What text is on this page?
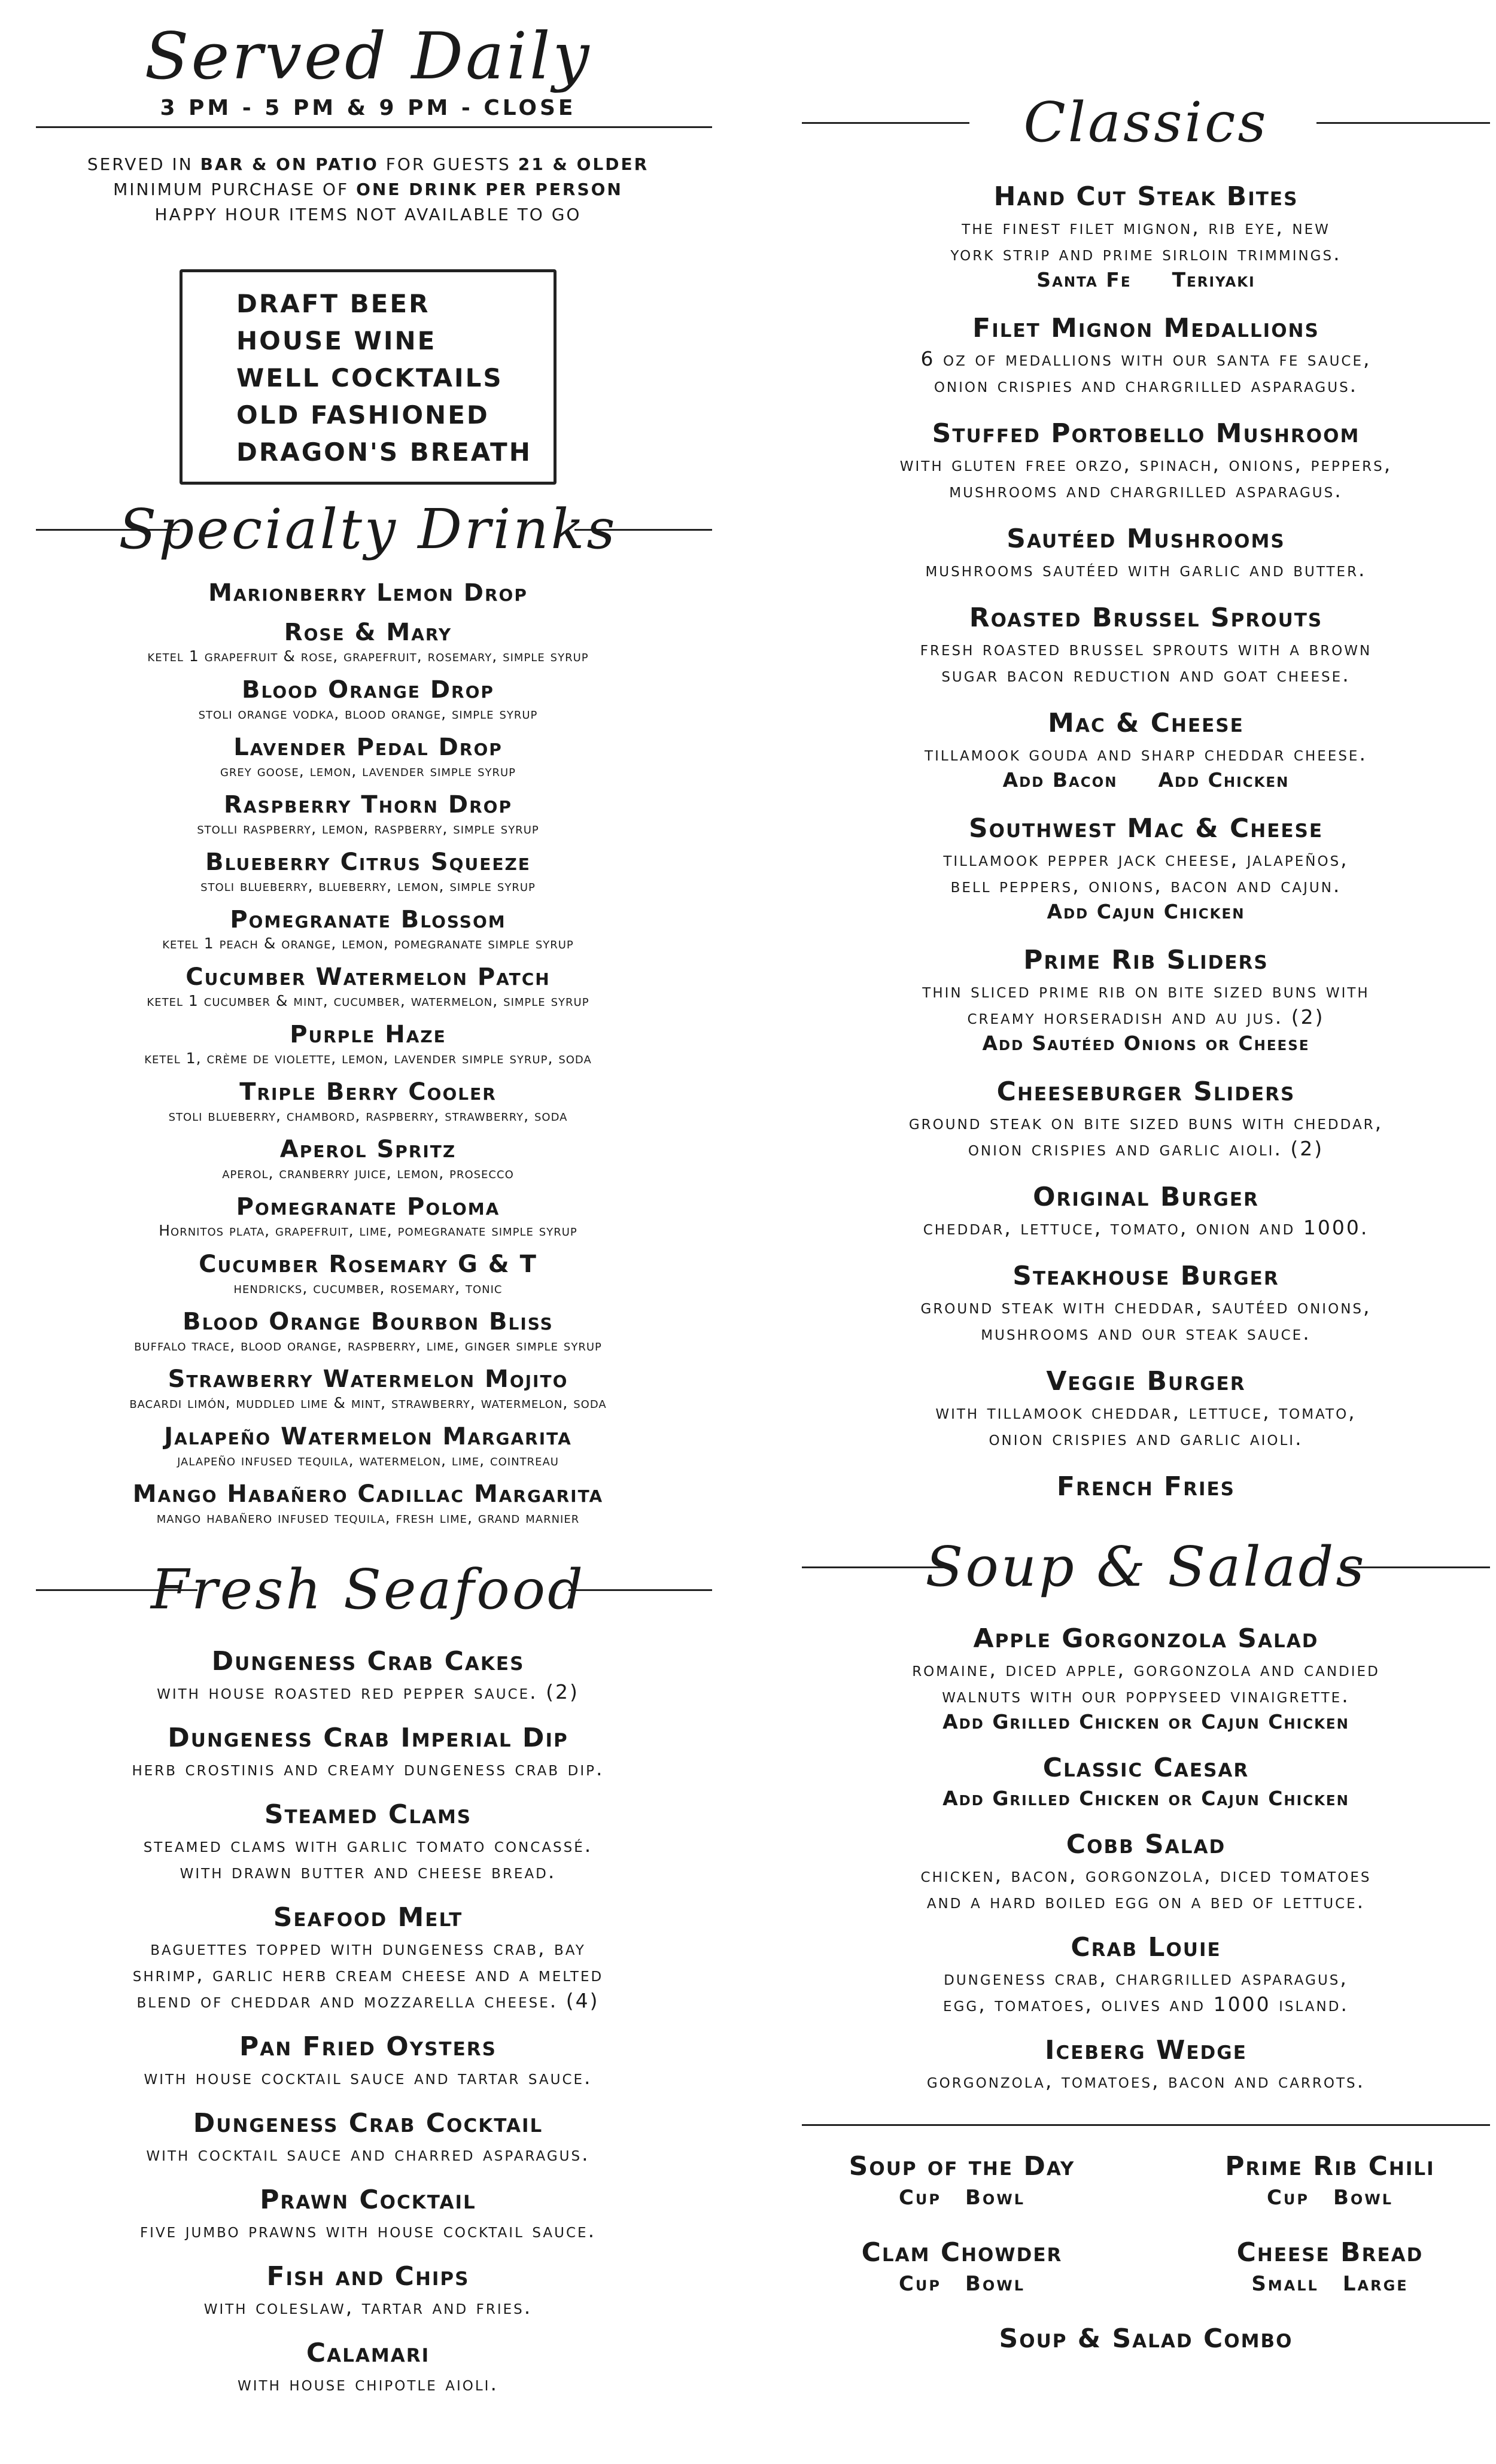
Served Daily
3 PM - 5 PM & 9 PM - CLOSE
SERVED IN BAR & ON PATIO FOR GUESTS 21 & OLDER
MINIMUM PURCHASE OF ONE DRINK PER PERSON
HAPPY HOUR ITEMS NOT AVAILABLE TO GO
DRAFT BEER
HOUSE WINE
WELL COCKTAILS
OLD FASHIONED
DRAGON'S BREATH
Specialty Drinks
Marionberry Lemon Drop
Rose & Mary
ketel 1 grapefruit & rose, grapefruit, rosemary, simple syrup
Blood Orange Drop
stoli orange vodka, blood orange, simple syrup
Lavender Pedal Drop
grey goose, lemon, lavender simple syrup
Raspberry Thorn Drop
stolli raspberry, lemon, raspberry, simple syrup
Blueberry Citrus Squeeze
stoli blueberry, blueberry, lemon, simple syrup
Pomegranate Blossom
ketel 1 peach & orange, lemon, pomegranate simple syrup
Cucumber Watermelon Patch
ketel 1 cucumber & mint, cucumber, watermelon, simple syrup
Purple Haze
ketel 1, crème de violette, lemon, lavender simple syrup, soda
Triple Berry Cooler
stoli blueberry, chambord, raspberry, strawberry, soda
Aperol Spritz
aperol, cranberry juice, lemon, prosecco
Pomegranate Poloma
Hornitos plata, grapefruit, lime, pomegranate simple syrup
Cucumber Rosemary G & T
hendricks, cucumber, rosemary, tonic
Blood Orange Bourbon Bliss
buffalo trace, blood orange, raspberry, lime, ginger simple syrup
Strawberry Watermelon Mojito
bacardi limón, muddled lime & mint, strawberry, watermelon, soda
Jalapeño Watermelon Margarita
jalapeño infused tequila, watermelon, lime, cointreau
Mango Habañero Cadillac Margarita
mango habañero infused tequila, fresh lime, grand marnier
Fresh Seafood
Dungeness Crab Cakes
with house roasted red pepper sauce. (2)
Dungeness Crab Imperial Dip
herb crostinis and creamy dungeness crab dip.
Steamed Clams
steamed clams with garlic tomato concassé.
with drawn butter and cheese bread.
Seafood Melt
baguettes topped with dungeness crab, bay
shrimp, garlic herb cream cheese and a melted
blend of cheddar and mozzarella cheese. (4)
Pan Fried Oysters
with house cocktail sauce and tartar sauce.
Dungeness Crab Cocktail
with cocktail sauce and charred asparagus.
Prawn Cocktail
five jumbo prawns with house cocktail sauce.
Fish and Chips
with coleslaw, tartar and fries.
Calamari
with house chipotle aioli.
Classics
Hand Cut Steak Bites
the finest filet mignon, rib eye, new
york strip and prime sirloin trimmings.
Santa Fe Teriyaki
Filet Mignon Medallions
6 oz of medallions with our santa fe sauce,
onion crispies and chargrilled asparagus.
Stuffed Portobello Mushroom
with gluten free orzo, spinach, onions, peppers,
mushrooms and chargrilled asparagus.
Sautéed Mushrooms
mushrooms sautéed with garlic and butter.
Roasted Brussel Sprouts
fresh roasted brussel sprouts with a brown
sugar bacon reduction and goat cheese.
Mac & Cheese
tillamook gouda and sharp cheddar cheese.
Add Bacon Add Chicken
Southwest Mac & Cheese
tillamook pepper jack cheese, jalapeños,
bell peppers, onions, bacon and cajun.
Add Cajun Chicken
Prime Rib Sliders
thin sliced prime rib on bite sized buns with
creamy horseradish and au jus. (2)
Add Sautéed Onions or Cheese
Cheeseburger Sliders
ground steak on bite sized buns with cheddar,
onion crispies and garlic aioli. (2)
Original Burger
cheddar, lettuce, tomato, onion and 1000.
Steakhouse Burger
ground steak with cheddar, sautéed onions,
mushrooms and our steak sauce.
Veggie Burger
with tillamook cheddar, lettuce, tomato,
onion crispies and garlic aioli.
French Fries
Soup & Salads
Apple Gorgonzola Salad
romaine, diced apple, gorgonzola and candied
walnuts with our poppyseed vinaigrette.
Add Grilled Chicken or Cajun Chicken
Classic Caesar
Add Grilled Chicken or Cajun Chicken
Cobb Salad
chicken, bacon, gorgonzola, diced tomatoes
and a hard boiled egg on a bed of lettuce.
Crab Louie
dungeness crab, chargrilled asparagus,
egg, tomatoes, olives and 1000 island.
Iceberg Wedge
gorgonzola, tomatoes, bacon and carrots.
Soup of the Day
Cup Bowl
Prime Rib Chili
Cup Bowl
Clam Chowder
Cup Bowl
Cheese Bread
Small Large
Soup & Salad Combo
